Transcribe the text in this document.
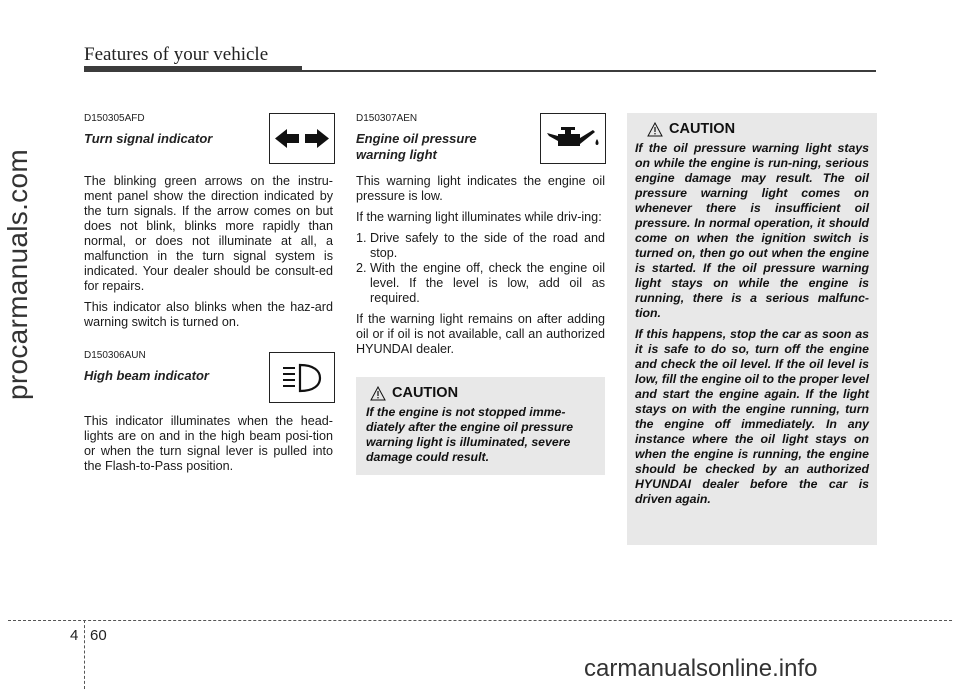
Features of your vehicle
procarmanuals.com
D150305AFD
Turn signal indicator

The blinking green arrows on the instru-ment panel show the direction indicated by the turn signals. If the arrow comes on but does not blink, blinks more rapidly than normal, or does not illuminate at all, a malfunction in the turn signal system is indicated. Your dealer should be consult-ed for repairs.

This indicator also blinks when the haz-ard warning switch is turned on.

D150306AUN
High beam indicator

This indicator illuminates when the head-lights are on and in the high beam posi-tion or when the turn signal lever is pulled into the Flash-to-Pass position.

D150307AEN
Engine oil pressure
warning light

This warning light indicates the engine oil pressure is low.

If the warning light illuminates while driv-ing:

1. Drive safely to the side of the road and stop.
2. With the engine off, check the engine oil level. If the level is low, add oil as required.

If the warning light remains on after adding oil or if oil is not available, call an authorized HYUNDAI dealer.

CAUTION
If the engine is not stopped imme-diately after the engine oil pressure warning light is illuminated, severe damage could result.
CAUTION

If the oil pressure warning light stays on while the engine is run-ning, serious engine damage may result. The oil pressure warning light comes on whenever there is insufficient oil pressure. In normal operation, it should come on when the ignition switch is turned on, then go out when the engine is started. If the oil pressure warning light stays on while the engine is running, there is a serious malfunc-tion.

If this happens, stop the car as soon as it is safe to do so, turn off the engine and check the oil level. If the oil level is low, fill the engine oil to the proper level and start the engine again. If the light stays on with the engine running, turn the engine off immediately. In any instance where the oil light stays on when the engine is running, the engine should be checked by an authorized HYUNDAI dealer before the car is driven again.

4 60
carmanualsonline.info
